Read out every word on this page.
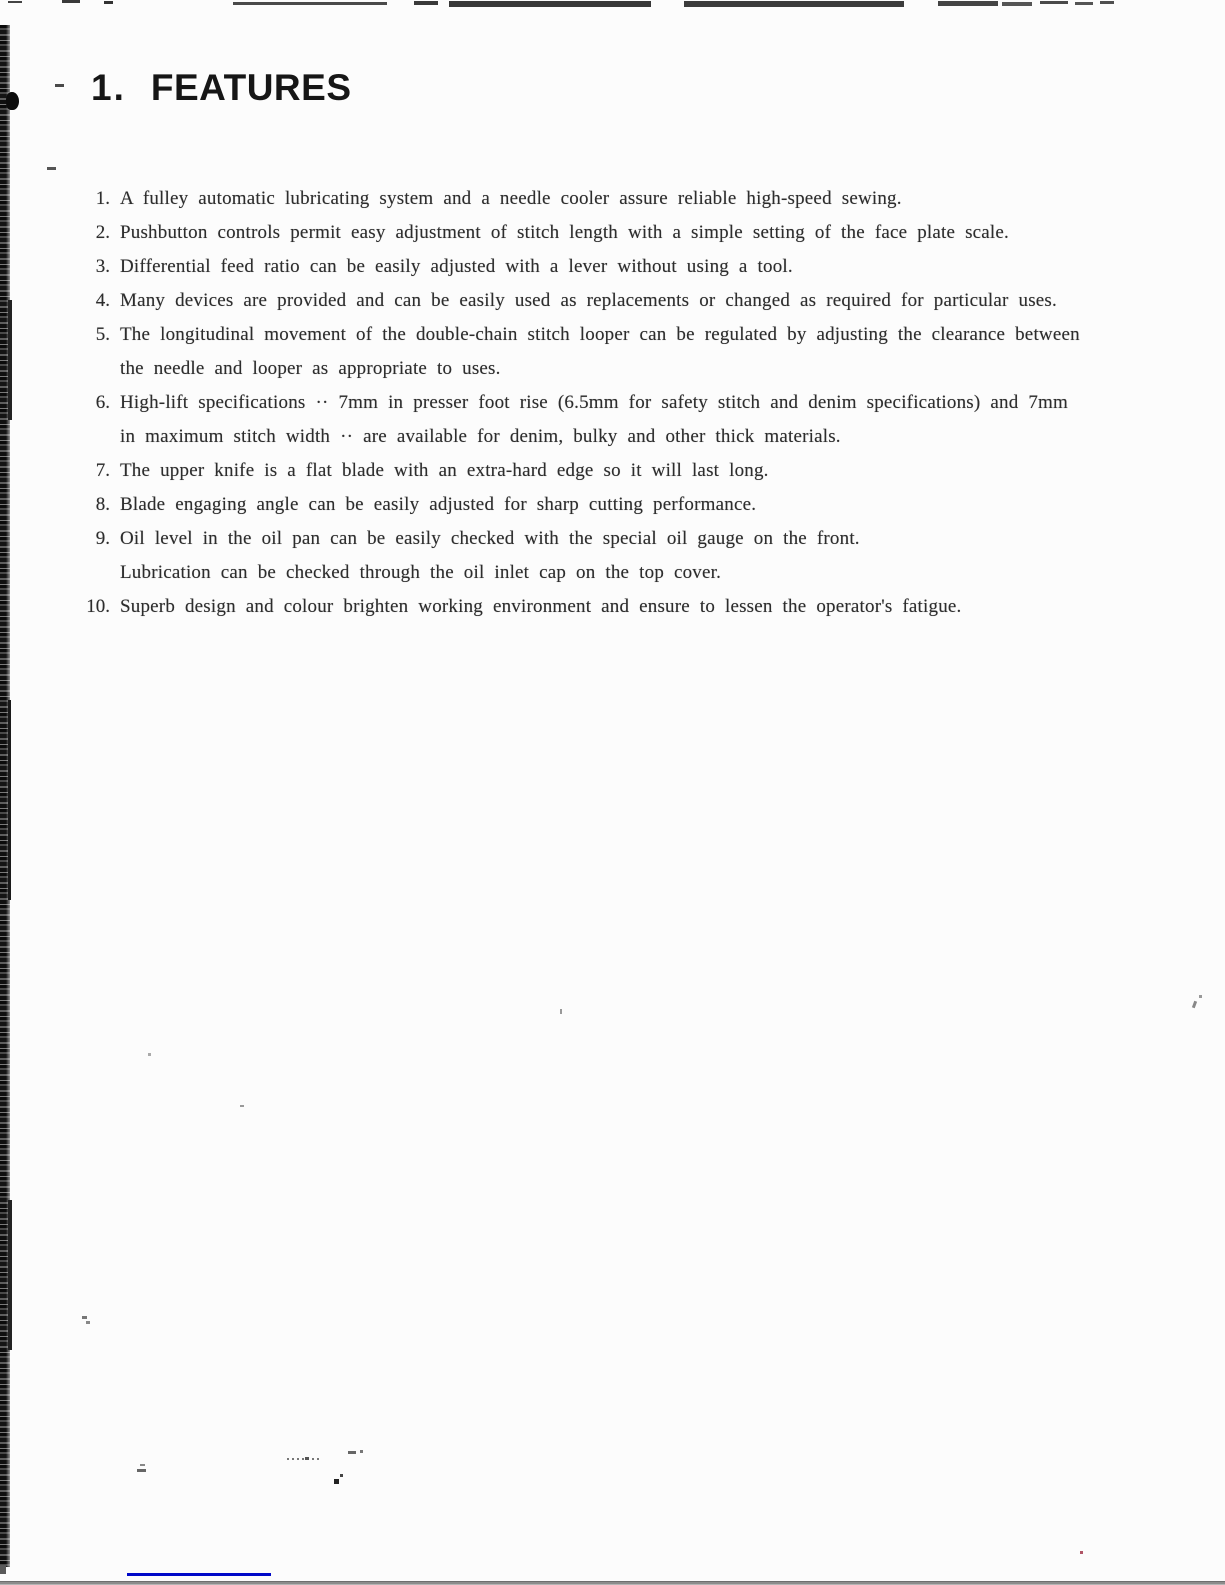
1. FEATURES
1. A fulley automatic lubricating system and a needle cooler assure reliable high-speed sewing.
2. Pushbutton controls permit easy adjustment of stitch length with a simple setting of the face plate scale.
3. Differential feed ratio can be easily adjusted with a lever without using a tool.
4. Many devices are provided and can be easily used as replacements or changed as required for particular uses.
5. The longitudinal movement of the double-chain stitch looper can be regulated by adjusting the clearance between
the needle and looper as appropriate to uses.
6. High-lift specifications ·· 7mm in presser foot rise (6.5mm for safety stitch and denim specifications) and 7mm
in maximum stitch width ·· are available for denim, bulky and other thick materials.
7. The upper knife is a flat blade with an extra-hard edge so it will last long.
8. Blade engaging angle can be easily adjusted for sharp cutting performance.
9. Oil level in the oil pan can be easily checked with the special oil gauge on the front.
Lubrication can be checked through the oil inlet cap on the top cover.
10. Superb design and colour brighten working environment and ensure to lessen the operator's fatigue.
